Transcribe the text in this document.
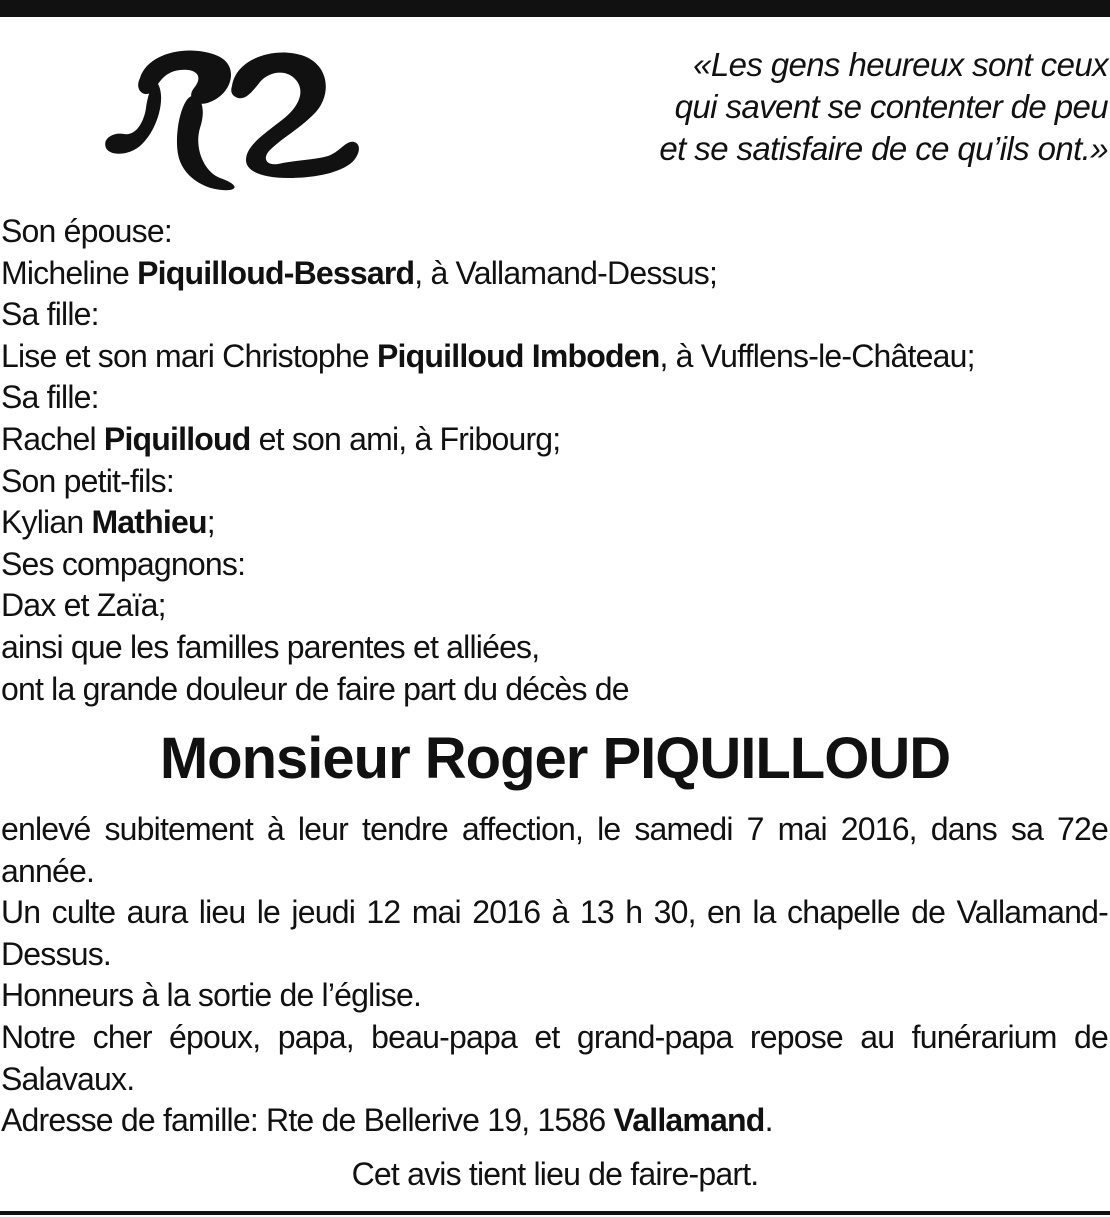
R2
«Les gens heureux sont ceux
qui savent se contenter de peu
et se satisfaire de ce qu’ils ont.»
Son épouse:
Micheline Piquilloud-Bessard, à Vallamand-Dessus;
Sa fille:
Lise et son mari Christophe Piquilloud Imboden, à Vufflens-le-Château;
Sa fille:
Rachel Piquilloud et son ami, à Fribourg;
Son petit-fils:
Kylian Mathieu;
Ses compagnons:
Dax et Zaïa;
ainsi que les familles parentes et alliées,
ont la grande douleur de faire part du décès de
Monsieur Roger PIQUILLOUD
enlevé subitement à leur tendre affection, le samedi 7 mai 2016, dans sa 72e année.
Un culte aura lieu le jeudi 12 mai 2016 à 13 h 30, en la chapelle de Vallamand-Dessus.
Honneurs à la sortie de l’église.
Notre cher époux, papa, beau-papa et grand-papa repose au funérarium de Salavaux.
Adresse de famille: Rte de Bellerive 19, 1586 Vallamand.
Cet avis tient lieu de faire-part.
